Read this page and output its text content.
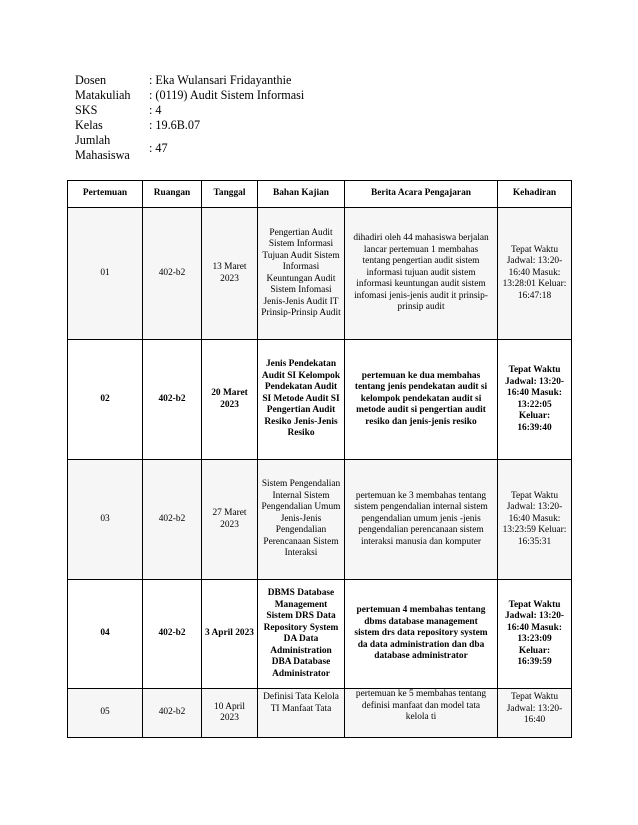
Dosen	: Eka Wulansari Fridayanthie
Matakuliah	: (0119) Audit Sistem Informasi
SKS	: 4
Kelas	: 19.6B.07
Jumlah
Mahasiswa
: 47
Pertemuan	Ruangan	Tanggal	Bahan Kajian	Berita Acara Pengajaran	Kehadiran
01	402-b2	13 Maret 2023	Pengertian Audit Sistem Informasi Tujuan Audit Sistem Informasi Keuntungan Audit Sistem Infomasi Jenis-Jenis Audit IT Prinsip-Prinsip Audit	dihadiri oleh 44 mahasiswa berjalan lancar pertemuan 1 membahas tentang pengertian audit sistem informasi tujuan audit sistem informasi keuntungan audit sistem infomasi jenis-jenis audit it prinsip-prinsip audit	Tepat Waktu Jadwal: 13:20-16:40 Masuk: 13:28:01 Keluar: 16:47:18
02	402-b2	20 Maret 2023	Jenis Pendekatan Audit SI Kelompok Pendekatan Audit SI Metode Audit SI Pengertian Audit Resiko Jenis-Jenis Resiko	pertemuan ke dua membahas tentang jenis pendekatan audit si kelompok pendekatan audit si metode audit si pengertian audit resiko dan jenis-jenis resiko	Tepat Waktu Jadwal: 13:20-16:40 Masuk: 13:22:05 Keluar: 16:39:40
03	402-b2	27 Maret 2023	Sistem Pengendalian Internal Sistem Pengendalian Umum Jenis-Jenis Pengendalian Perencanaan Sistem Interaksi	pertemuan ke 3 membahas tentang sistem pengendalian internal sistem pengendalian umum jenis -jenis pengendalian perencanaan sistem interaksi manusia dan komputer	Tepat Waktu Jadwal: 13:20-16:40 Masuk: 13:23:59 Keluar: 16:35:31
04	402-b2	3 April 2023	DBMS Database Management Sistem DRS Data Repository System DA Data Administration DBA Database Administrator	pertemuan 4 membahas tentang dbms database management sistem drs data repository system da data administration dan dba database administrator	Tepat Waktu Jadwal: 13:20-16:40 Masuk: 13:23:09 Keluar: 16:39:59
05	402-b2	10 April 2023	Definisi Tata Kelola TI Manfaat Tata	pertemuan ke 5 membahas tentang definisi manfaat dan model tata kelola ti	Tepat Waktu Jadwal: 13:20-16:40
